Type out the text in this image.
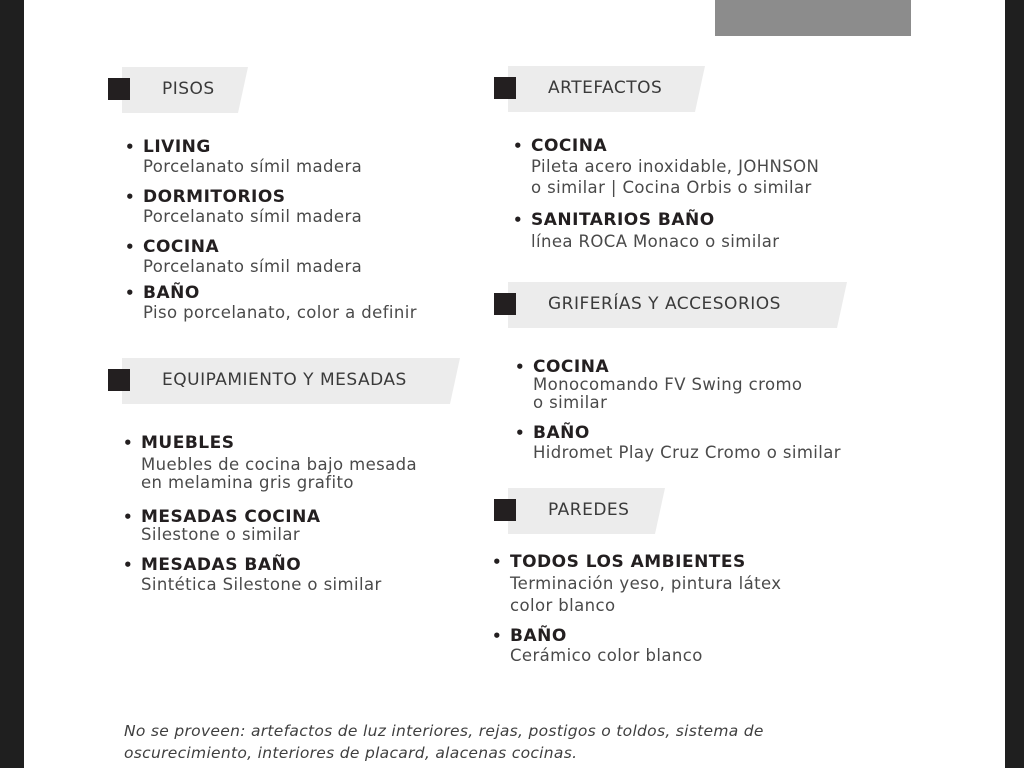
PISOS
• LIVING
Porcelanato símil madera
• DORMITORIOS
Porcelanato símil madera
• COCINA
Porcelanato símil madera
• BAÑO
Piso porcelanato, color a definir
EQUIPAMIENTO Y MESADAS
• MUEBLES
Muebles de cocina bajo mesada
en melamina gris grafito
• MESADAS COCINA
Silestone o similar
• MESADAS BAÑO
Sintética Silestone o similar
ARTEFACTOS
• COCINA
Pileta acero inoxidable, JOHNSON
o similar | Cocina Orbis o similar
• SANITARIOS BAÑO
línea ROCA Monaco o similar
GRIFERÍAS Y ACCESORIOS
• COCINA
Monocomando FV Swing cromo
o similar
• BAÑO
Hidromet Play Cruz Cromo o similar
PAREDES
• TODOS LOS AMBIENTES
Terminación yeso, pintura látex
color blanco
• BAÑO
Cerámico color blanco
No se proveen: artefactos de luz interiores, rejas, postigos o toldos, sistema de
oscurecimiento, interiores de placard, alacenas cocinas.
